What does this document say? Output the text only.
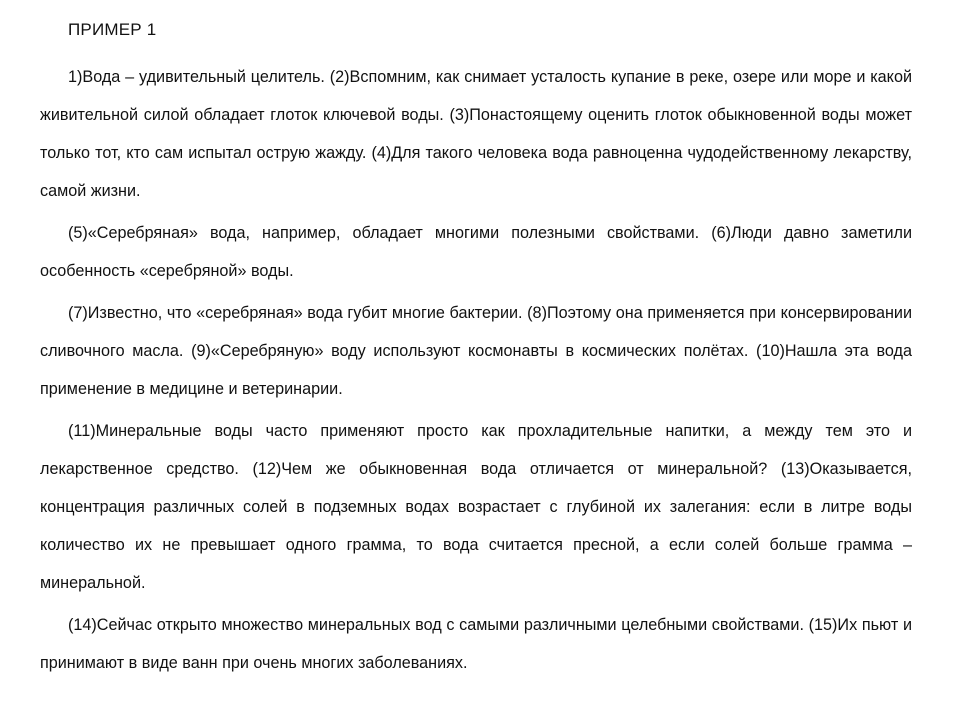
ПРИМЕР 1

1)Вода – удивительный целитель. (2)Вспомним, как снимает усталость купание в реке, озере или море и какой живительной силой обладает глоток ключевой воды. (3)Понастоящему оценить глоток обыкновенной воды может только тот, кто сам испытал острую жажду. (4)Для такого человека вода равноценна чудодейственному лекарству, самой жизни.

(5)«Серебряная» вода, например, обладает многими полезными свойствами. (6)Люди давно заметили особенность «серебряной» воды.

(7)Известно, что «серебряная» вода губит многие бактерии. (8)Поэтому она применяется при консервировании сливочного масла. (9)«Серебряную» воду используют космонавты в космических полётах. (10)Нашла эта вода применение в медицине и ветеринарии.

(11)Минеральные воды часто применяют просто как прохладительные напитки, а между тем это и лекарственное средство. (12)Чем же обыкновенная вода отличается от минеральной? (13)Оказывается, концентрация различных солей в подземных водах возрастает с глубиной их залегания: если в литре воды количество их не превышает одного грамма, то вода считается пресной, а если солей больше грамма – минеральной.

(14)Сейчас открыто множество минеральных вод с самыми различными целебными свойствами. (15)Их пьют и принимают в виде ванн при очень многих заболеваниях.
